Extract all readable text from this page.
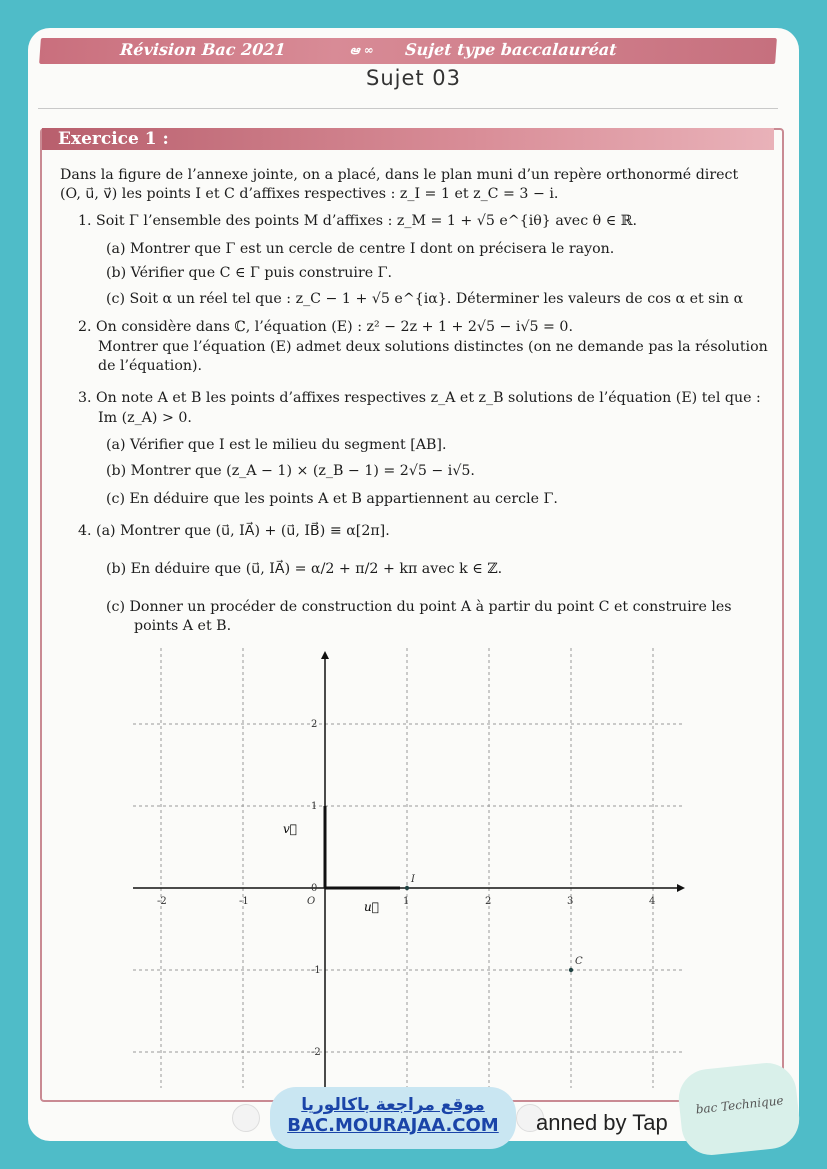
Révision Bac 2021	ఆ ∞ Sujet type baccalauréat
Sujet 03
Exercice 1 :
Dans la figure de l’annexe jointe, on a placé, dans le plan muni d’un repère orthonormé direct
(O, u⃗, v⃗) les points I et C d’affixes respectives : z_I = 1 et z_C = 3 − i.
1. Soit Γ l’ensemble des points M d’affixes : z_M = 1 + √5 e^{iθ} avec θ ∈ ℝ.
(a) Montrer que Γ est un cercle de centre I dont on précisera le rayon.
(b) Vérifier que C ∈ Γ puis construire Γ.
(c) Soit α un réel tel que : z_C − 1 + √5 e^{iα}. Déterminer les valeurs de cos α et sin α
2. On considère dans ℂ, l’équation (E) : z² − 2z + 1 + 2√5 − i√5 = 0.
Montrer que l’équation (E) admet deux solutions distinctes (on ne demande pas la résolution
de l’équation).
3. On note A et B les points d’affixes respectives z_A et z_B solutions de l’équation (E) tel que :
Im (z_A) > 0.
(a) Vérifier que I est le milieu du segment [AB].
(b) Montrer que (z_A − 1) × (z_B − 1) = 2√5 − i√5.
(c) En déduire que les points A et B appartiennent au cercle Γ.
4. (a) Montrer que (u⃗, IA⃗) + (u⃗, IB⃗) ≡ α[2π].
(b) En déduire que (u⃗, IA⃗) = α/2 + π/2 + kπ avec k ∈ ℤ.
(c) Donner un procéder de construction du point A à partir du point C et construire les
points A et B.
-2	-1	O	1	2	3	4
2
1
0
-1
-2
u⃗
v⃗
I
C
موقع مراجعة باكالوريا
BAC.MOURAJAA.COM	anned by Tap
bac Technique
